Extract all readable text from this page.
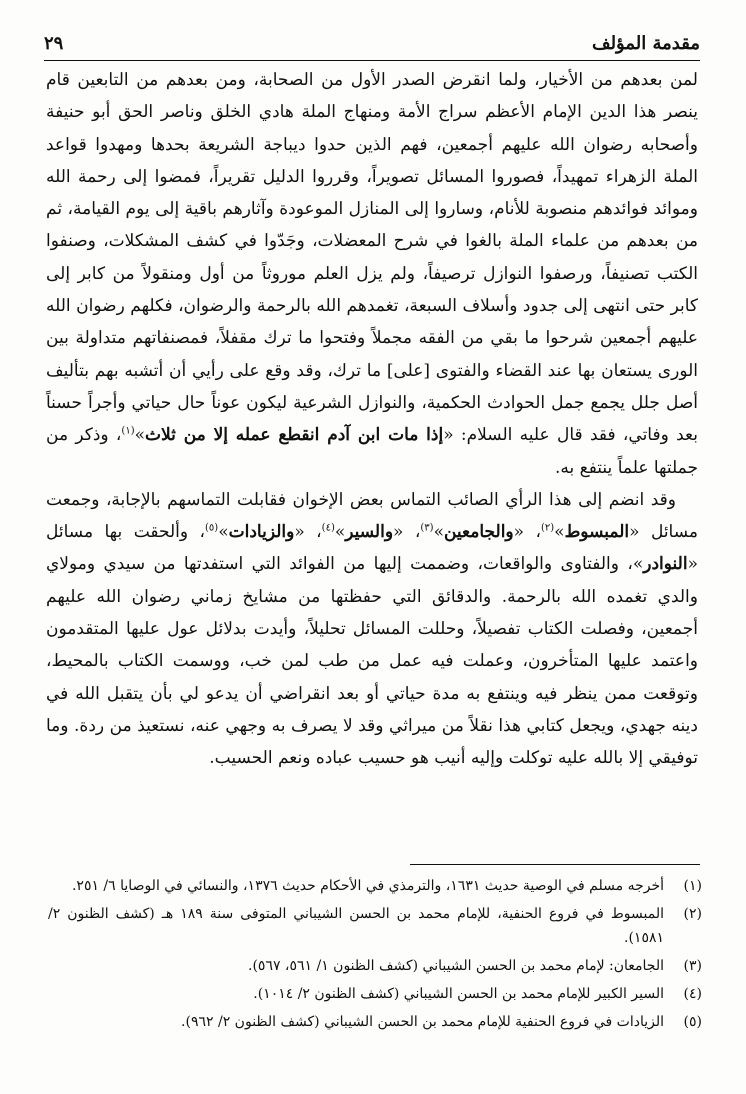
مقدمة المؤلف
٢٩

لمن بعدهم من الأخيار، ولما انقرض الصدر الأول من الصحابة، ومن بعدهم من التابعين قام ينصر هذا الدين الإمام الأعظم سراج الأمة ومنهاج الملة هادي الخلق وناصر الحق أبو حنيفة وأصحابه رضوان الله عليهم أجمعين، فهم الذين حدوا ديباجة الشريعة بحدها ومهدوا قواعد الملة الزهراء تمهيداً، فصوروا المسائل تصويراً، وقرروا الدليل تقريراً، فمضوا إلى رحمة الله وموائد فوائدهم منصوبة للأنام، وساروا إلى المنازل الموعودة وآثارهم باقية إلى يوم القيامة، ثم من بعدهم من علماء الملة بالغوا في شرح المعضلات، وجَدّوا في كشف المشكلات، وصنفوا الكتب تصنيفاً، ورصفوا النوازل ترصيفاً، ولم يزل العلم موروثاً من أول ومنقولاً من كابر إلى كابر حتى انتهى إلى جدود وأسلاف السبعة، تغمدهم الله بالرحمة والرضوان، فكلهم رضوان الله عليهم أجمعين شرحوا ما بقي من الفقه مجملاً وفتحوا ما ترك مقفلاً، فمصنفاتهم متداولة بين الورى يستعان بها عند القضاء والفتوى [على] ما ترك، وقد وقع على رأيي أن أتشبه بهم بتأليف أصل جلل يجمع جمل الحوادث الحكمية، والنوازل الشرعية ليكون عوناً حال حياتي وأجراً حسناً بعد وفاتي، فقد قال عليه السلام: «إذا مات ابن آدم انقطع عمله إلا من ثلاث»$^{(١)}$، وذكر من جملتها علماً ينتفع به.

وقد انضم إلى هذا الرأي الصائب التماس بعض الإخوان فقابلت التماسهم بالإجابة، وجمعت مسائل «المبسوط»$^{(٢)}$، «والجامعين»$^{(٣)}$، «والسير»$^{(٤)}$، «والزيادات»$^{(٥)}$، وألحقت بها مسائل «النوادر»، والفتاوى والواقعات، وضممت إليها من الفوائد التي استفدتها من سيدي ومولاي والدي تغمده الله بالرحمة. والدقائق التي حفظتها من مشايخ زماني رضوان الله عليهم أجمعين، وفصلت الكتاب تفصيلاً، وحللت المسائل تحليلاً، وأيدت بدلائل عول عليها المتقدمون واعتمد عليها المتأخرون، وعملت فيه عمل من طب لمن خب، ووسمت الكتاب بالمحيط، وتوقعت ممن ينظر فيه وينتفع به مدة حياتي أو بعد انقراضي أن يدعو لي بأن يتقبل الله في دينه جهدي، ويجعل كتابي هذا نقلاً من ميراثي وقد لا يصرف به وجهي عنه، نستعيذ من ردة. وما توفيقي إلا بالله عليه توكلت وإليه أنيب هو حسيب عباده ونعم الحسيب.

(١)
أخرجه مسلم في الوصية حديث ١٦٣١، والترمذي في الأحكام حديث ١٣٧٦، والنسائي في الوصايا ٦/ ٢٥١.
(٢)
المبسوط في فروع الحنفية، للإمام محمد بن الحسن الشيباني المتوفى سنة ١٨٩ هـ (كشف الظنون ٢/ ١٥٨١).
(٣)
الجامعان: لإمام محمد بن الحسن الشيباني (كشف الظنون ١/ ٥٦١، ٥٦٧).
(٤)
السير الكبير للإمام محمد بن الحسن الشيباني (كشف الظنون ٢/ ١٠١٤).
(٥)
الزيادات في فروع الحنفية للإمام محمد بن الحسن الشيباني (كشف الظنون ٢/ ٩٦٢).
